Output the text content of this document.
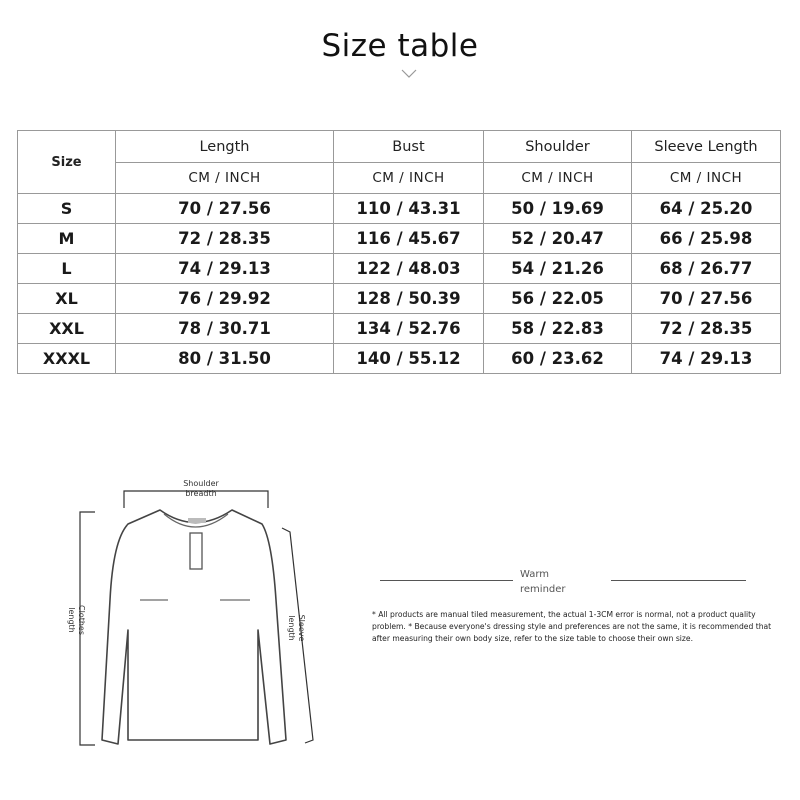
Size table
Size	Length	Bust	Shoulder	Sleeve Length
	CM / INCH	CM / INCH	CM / INCH	CM / INCH
S	70 / 27.56	110 / 43.31	50 / 19.69	64 / 25.20
M	72 / 28.35	116 / 45.67	52 / 20.47	66 / 25.98
L	74 / 29.13	122 / 48.03	54 / 21.26	68 / 26.77
XL	76 / 29.92	128 / 50.39	56 / 22.05	70 / 27.56
XXL	78 / 30.71	134 / 52.76	58 / 22.83	72 / 28.35
XXXL	80 / 31.50	140 / 55.12	60 / 23.62	74 / 29.13
Shoulder
breadth
Clothes
length	Sleeve
length
Warm
reminder
* All products are manual tiled measurement, the actual 1-3CM error is normal, not a product quality
problem. * Because everyone's dressing style and preferences are not the same, it is recommended that
after measuring their own body size, refer to the size table to choose their own size.
